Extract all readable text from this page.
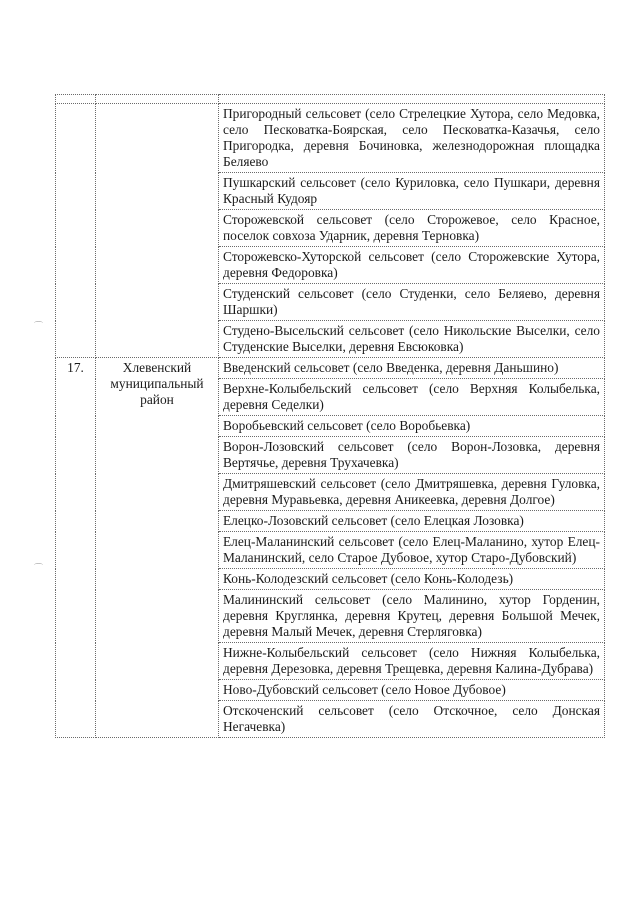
⌒
⌒

		Пригородный сельсовет (село Стрелецкие Хутора, село Медовка, село Песковатка-Боярская, село Песковатка-Казачья, село Пригородка, деревня Бочиновка, железнодорожная площадка Беляево
		Пушкарский сельсовет (село Куриловка, село Пушкари, деревня Красный Кудояр
		Сторожевской сельсовет (село Сторожевое, село Красное, поселок совхоза Ударник, деревня Терновка)
		Сторожевско-Хуторской сельсовет (село Сторожевские Хутора, деревня Федоровка)
		Студенский сельсовет (село Студенки, село Беляево, деревня Шаршки)
		Студено-Высельский сельсовет (село Никольские Выселки, село Студенские Выселки, деревня Евсюковка)
17.	Хлевенский муниципальный район	Введенский сельсовет (село Введенка, деревня Даньшино)
		Верхне-Колыбельский сельсовет (село Верхняя Колыбелька, деревня Седелки)
		Воробьевский сельсовет (село Воробьевка)
		Ворон-Лозовский сельсовет (село Ворон-Лозовка, деревня Вертячье, деревня Трухачевка)
		Дмитряшевский сельсовет (село Дмитряшевка, деревня Гуловка, деревня Муравьевка, деревня Аникеевка, деревня Долгое)
		Елецко-Лозовский сельсовет (село Елецкая Лозовка)
		Елец-Маланинский сельсовет (село Елец-Маланино, хутор Елец-Маланинский, село Старое Дубовое, хутор Старо-Дубовский)
		Конь-Колодезский сельсовет (село Конь-Колодезь)
		Малининский сельсовет (село Малинино, хутор Горденин, деревня Круглянка, деревня Крутец, деревня Большой Мечек, деревня Малый Мечек, деревня Стерляговка)
		Нижне-Колыбельский сельсовет (село Нижняя Колыбелька, деревня Дерезовка, деревня Трещевка, деревня Калина-Дубрава)
		Ново-Дубовский сельсовет (село Новое Дубовое)
		Отскоченский сельсовет (село Отскочное, село Донская Негачевка)
